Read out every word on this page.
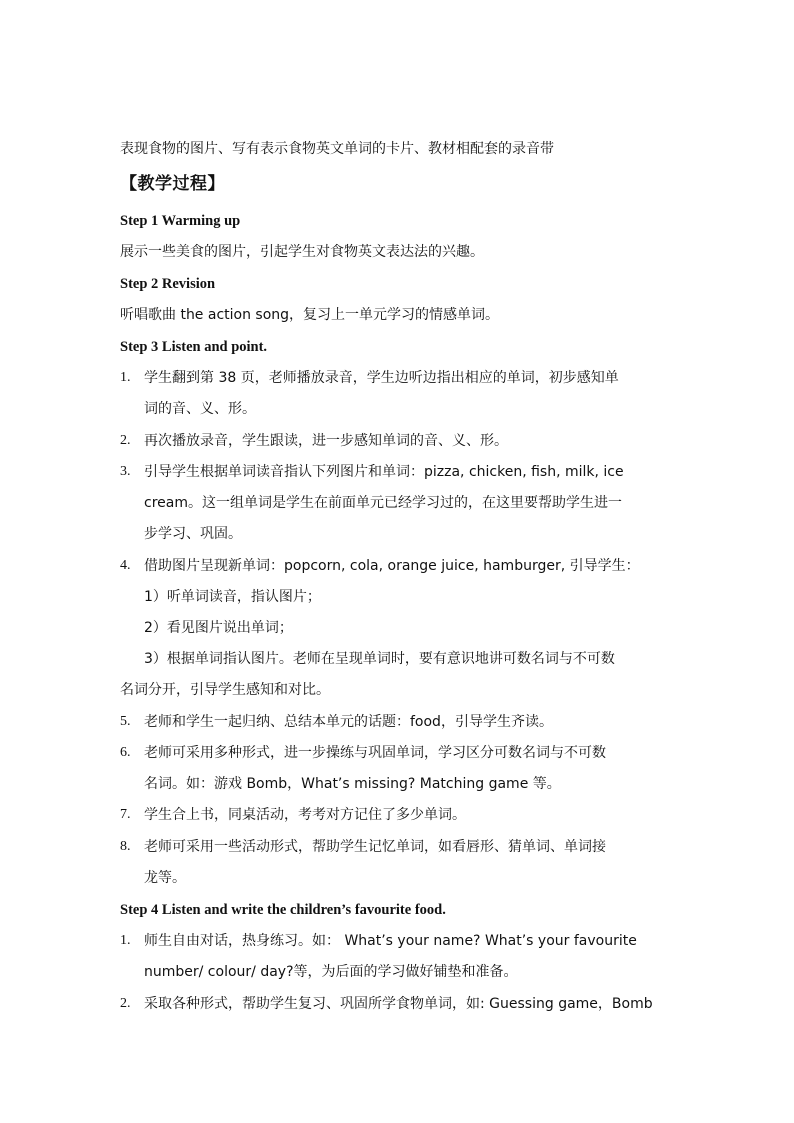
表现食物的图片、写有表示食物英文单词的卡片、教材相配套的录音带
【教学过程】
Step 1 Warming up
展示一些美食的图片，引起学生对食物英文表达法的兴趣。
Step 2 Revision
听唱歌曲 the action song，复习上一单元学习的情感单词。
Step 3 Listen and point.
1. 学生翻到第 38 页，老师播放录音，学生边听边指出相应的单词，初步感知单
词的音、义、形。
2. 再次播放录音，学生跟读，进一步感知单词的音、义、形。
3. 引导学生根据单词读音指认下列图片和单词：pizza, chicken, fish, milk, ice
cream。这一组单词是学生在前面单元已经学习过的，在这里要帮助学生进一
步学习、巩固。
4. 借助图片呈现新单词：popcorn, cola, orange juice, hamburger, 引导学生：
1）听单词读音，指认图片；
2）看见图片说出单词；
3）根据单词指认图片。老师在呈现单词时，要有意识地讲可数名词与不可数
名词分开，引导学生感知和对比。
5. 老师和学生一起归纳、总结本单元的话题：food，引导学生齐读。
6. 老师可采用多种形式，进一步操练与巩固单词，学习区分可数名词与不可数
名词。如：游戏 Bomb，What’s missing? Matching game 等。
7. 学生合上书，同桌活动，考考对方记住了多少单词。
8. 老师可采用一些活动形式，帮助学生记忆单词，如看唇形、猜单词、单词接
龙等。
Step 4 Listen and write the children’s favourite food.
1. 师生自由对话，热身练习。如： What’s your name? What’s your favourite
number/ colour/ day?等，为后面的学习做好铺垫和准备。
2. 采取各种形式，帮助学生复习、巩固所学食物单词，如: Guessing game，Bomb
